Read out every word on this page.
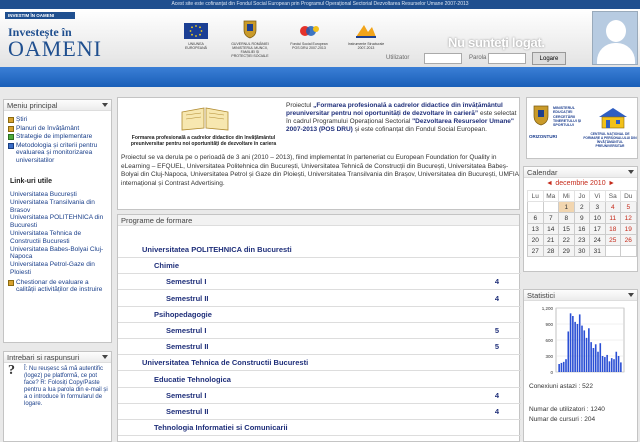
Acest site este cofinanțat din Fondul Social European prin Programul Operațional Sectorial Dezvoltarea Resurselor Umane 2007-2013
INVESTIM ÎN OAMENI
Investește în
OAMENI	UNIUNEA EUROPEANĂ
GUVERNUL ROMÂNIEI MINISTERUL MUNCII, FAMILIEI ȘI PROTECȚIEI SOCIALE
Fondul Social European POS DRU 2007-2013
Instrumente Structurale 2007-2013	Nu sunteți logat.
Utilizator	Parola	Logare
Meniu principal
Știri
Planuri de învățământ
Strategie de implementare
Metodologia și criterii pentru evaluarea și monitorizarea universitatilor
Link-uri utile
Universitatea București
Universitatea Transilvania din Brasov
Universitatea POLITEHNICA din Bucuresti
Universitatea Tehnica de Constructii Bucuresti
Universitatea Babes-Bolyai Cluj-Napoca
Universitatea Petrol-Gaze din Ploiesti
Chestionar de evaluare a calității activităților de instruire
Intrebari si raspunsuri
? Î: Nu reușesc să mă autentific (logez) pe platformă, ce pot face? R: Folosiți Copy/Paste pentru a lua parola din e-mail și a o introduce în formularul de logare.
Formarea profesională a cadrelor didactice din învățământul preuniversitar pentru noi oportunități de dezvoltare în cariera
Proiectul „Formarea profesională a cadrelor didactice din învățământul preuniversitar pentru noi oportunități de dezvoltare în carieră” este selectat în cadrul Programului Operațional Sectorial "Dezvoltarea Resurselor Umane" 2007-2013 (POS DRU) și este cofinanțat din Fondul Social European.
Proiectul se va derula pe o perioadă de 3 ani (2010 – 2013), fiind implementat în parteneriat cu European Foundation for Quality in eLearning – EFQUEL, Universitatea Politehnica din București, Universitatea Tehnică de Construcții din București, Universitatea Babeș-Bolyai din Cluj-Napoca, Universitatea Petrol și Gaze din Ploiești, Universitatea Transilvania din Brașov, Universitatea din București, UMFIA internațional și Contrast Advertising.
Programe de formare
Universitatea POLITEHNICA din Bucuresti
Chimie
Semestrul I	4
Semestrul II	4
Psihopedagogie
Semestrul I	5
Semestrul II	5
Universitatea Tehnica de Constructii Bucuresti
Educatie Tehnologica
Semestrul I	4
Semestrul II	4
Tehnologia Informatiei si Comunicarii
MINISTERUL EDUCAȚIEI CERCETĂRII TINERETULUI ȘI SPORTULUI
ORIZONTURI	CENTRUL NAȚIONAL DE FORMARE A PERSONALULUI DIN ÎNVĂȚĂMÂNTUL PREUNIVERSITAR
Calendar
◄ decembrie 2010 ►
Lu	Ma	Mi	Jo	Vi	Sa	Du
		1	2	3	4	5
6	7	8	9	10	11	12
13	14	15	16	17	18	19
20	21	22	23	24	25	26
27	28	29	30	31		
Statistici
1,200
900
600
300
0
Conexiuni astazi : 522
Numar de utilizatori : 1240
Numar de cursuri : 204
